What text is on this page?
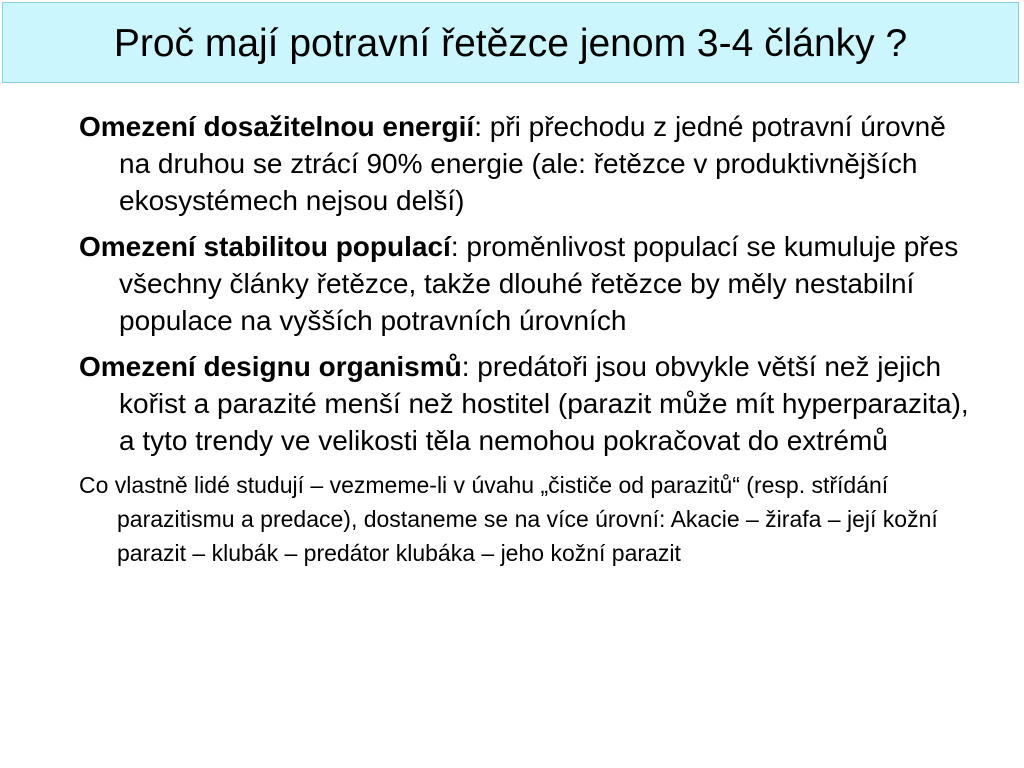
Proč mají potravní řetězce jenom 3-4 články ?

Omezení dosažitelnou energií: při přechodu z jedné potravní úrovně na druhou se ztrácí 90% energie (ale: řetězce v produktivnějších ekosystémech nejsou delší)

Omezení stabilitou populací: proměnlivost populací se kumuluje přes všechny články řetězce, takže dlouhé řetězce by měly nestabilní populace na vyšších potravních úrovních

Omezení designu organismů: predátoři jsou obvykle větší než jejich kořist a parazité menší než hostitel (parazit může mít hyperparazita), a tyto trendy ve velikosti těla nemohou pokračovat do extrémů

Co vlastně lidé studují – vezmeme-li v úvahu „čističe od parazitů“ (resp. střídání parazitismu a predace), dostaneme se na více úrovní: Akacie – žirafa – její kožní parazit – klubák – predátor klubáka – jeho kožní parazit
